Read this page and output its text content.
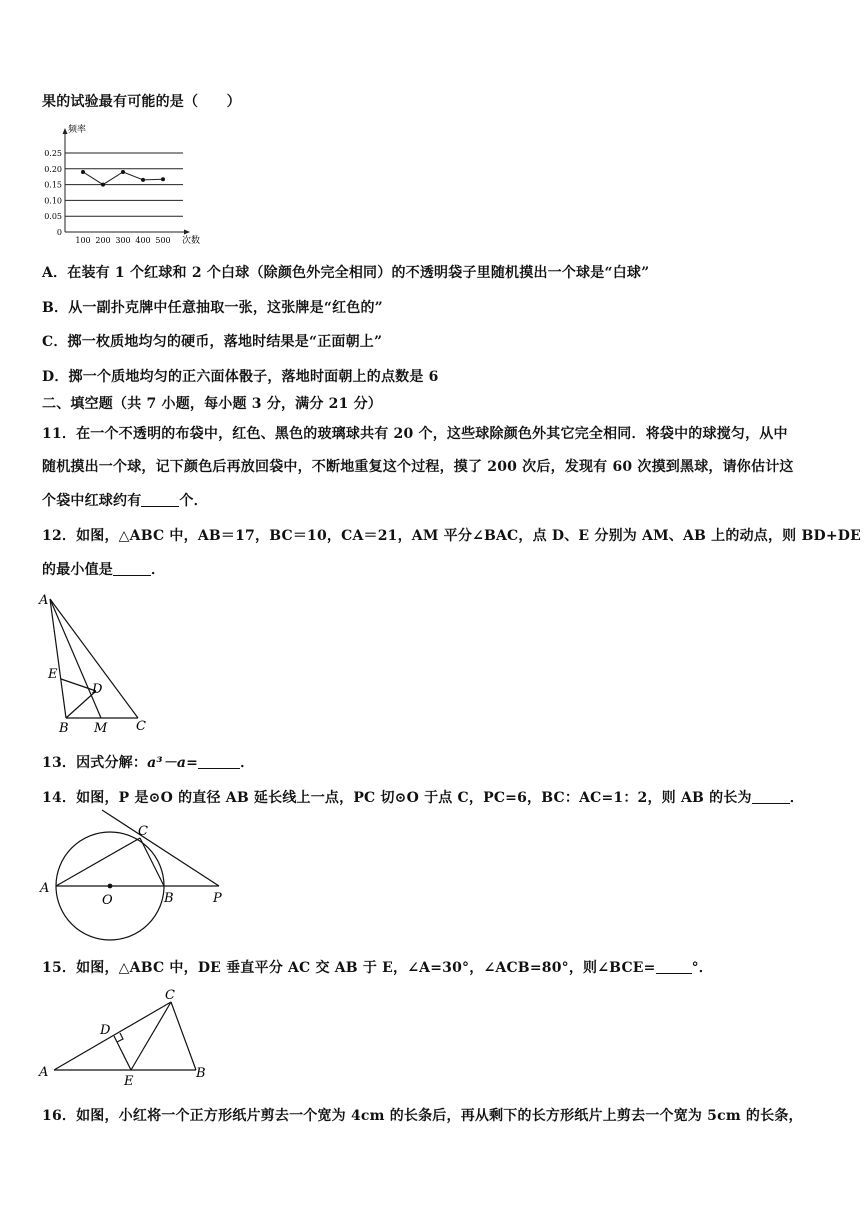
果的试验最有可能的是（　　）
0.25
0.20
0.15
0.10
0.05
0
100 200 300 400 500
频率
次数
A．在装有 1 个红球和 2 个白球（除颜色外完全相同）的不透明袋子里随机摸出一个球是“白球”
B．从一副扑克牌中任意抽取一张，这张牌是“红色的”
C．掷一枚质地均匀的硬币，落地时结果是“正面朝上”
D．掷一个质地均匀的正六面体骰子，落地时面朝上的点数是 6
二、填空题（共 7 小题，每小题 3 分，满分 21 分）
11．在一个不透明的布袋中，红色、黑色的玻璃球共有 20 个，这些球除颜色外其它完全相同．将袋中的球搅匀，从中
随机摸出一个球，记下颜色后再放回袋中，不断地重复这个过程，摸了 200 次后，发现有 60 次摸到黑球，请你估计这
个袋中红球约有	个．
12．如图，△ABC 中，AB＝17，BC＝10，CA＝21，AM 平分∠BAC，点 D、E 分别为 AM、AB 上的动点，则 BD+DE
的最小值是	．
A
E
D
B M C
13．因式分解：a³－a=	．
14．如图，P 是⊙O 的直径 AB 延长线上一点，PC 切⊙O 于点 C，PC=6，BC：AC=1：2，则 AB 的长为	．
A
O	B	P
C
15．如图，△ABC 中，DE 垂直平分 AC 交 AB 于 E，∠A=30°，∠ACB=80°，则∠BCE=	°．
A
E
B
D
C
16．如图，小红将一个正方形纸片剪去一个宽为 4cm 的长条后，再从剩下的长方形纸片上剪去一个宽为 5cm 的长条，
